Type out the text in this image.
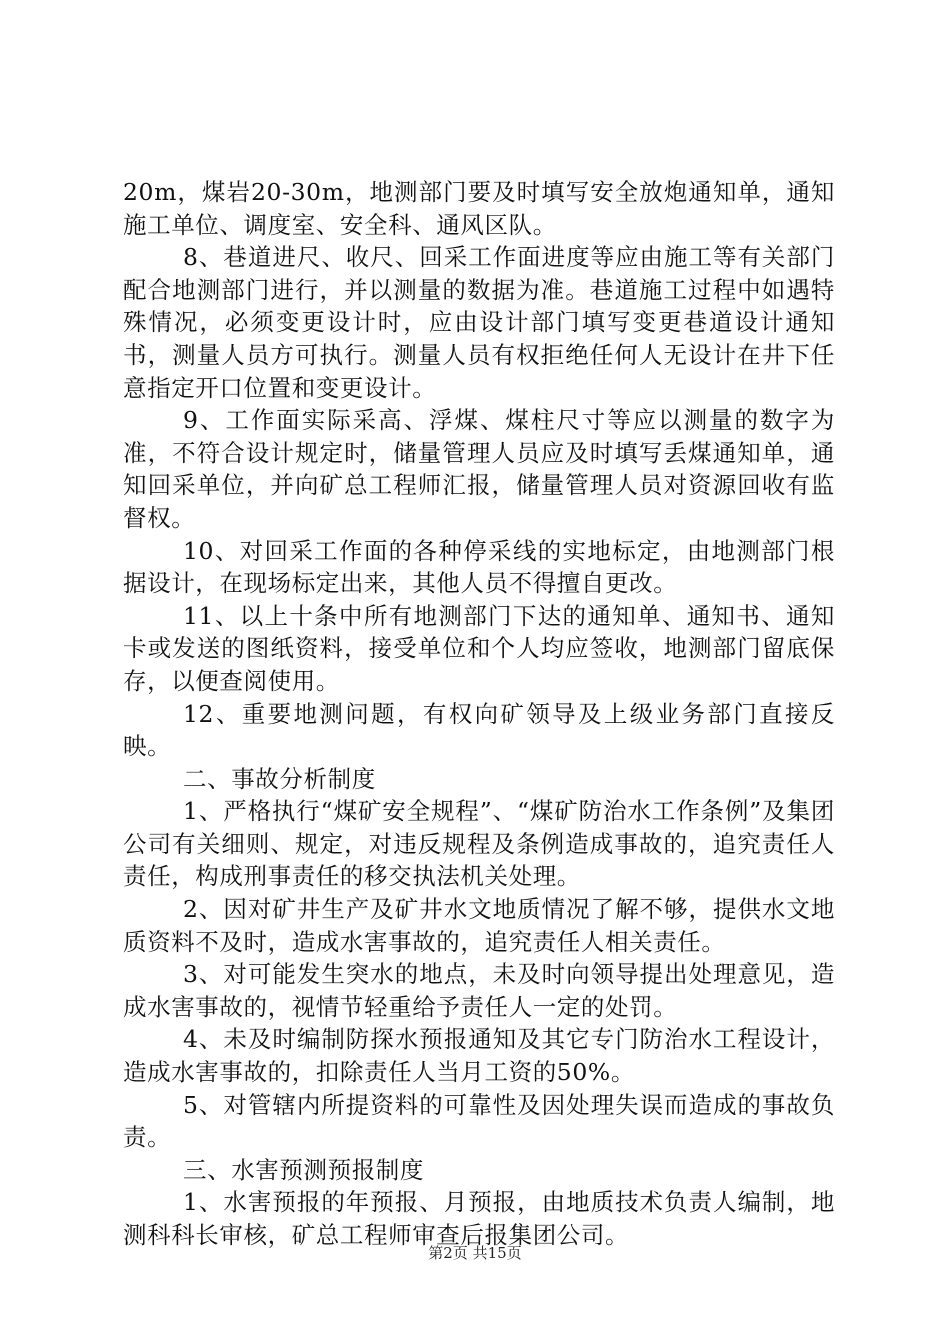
20m，煤岩20-30m，地测部门要及时填写安全放炮通知单，通知施工单位、调度室、安全科、通风区队。

8、巷道进尺、收尺、回采工作面进度等应由施工等有关部门配合地测部门进行，并以测量的数据为准。巷道施工过程中如遇特殊情况，必须变更设计时，应由设计部门填写变更巷道设计通知书，测量人员方可执行。测量人员有权拒绝任何人无设计在井下任意指定开口位置和变更设计。

9、工作面实际采高、浮煤、煤柱尺寸等应以测量的数字为准，不符合设计规定时，储量管理人员应及时填写丢煤通知单，通知回采单位，并向矿总工程师汇报，储量管理人员对资源回收有监督权。

10、对回采工作面的各种停采线的实地标定，由地测部门根据设计，在现场标定出来，其他人员不得擅自更改。

11、以上十条中所有地测部门下达的通知单、通知书、通知卡或发送的图纸资料，接受单位和个人均应签收，地测部门留底保存，以便查阅使用。

12、重要地测问题，有权向矿领导及上级业务部门直接反映。

二、事故分析制度

1、严格执行“煤矿安全规程”、“煤矿防治水工作条例”及集团公司有关细则、规定，对违反规程及条例造成事故的，追究责任人责任，构成刑事责任的移交执法机关处理。

2、因对矿井生产及矿井水文地质情况了解不够，提供水文地质资料不及时，造成水害事故的，追究责任人相关责任。

3、对可能发生突水的地点，未及时向领导提出处理意见，造成水害事故的，视情节轻重给予责任人一定的处罚。

4、未及时编制防探水预报通知及其它专门防治水工程设计，造成水害事故的，扣除责任人当月工资的50%。

5、对管辖内所提资料的可靠性及因处理失误而造成的事故负责。

三、水害预测预报制度

1、水害预报的年预报、月预报，由地质技术负责人编制，地测科科长审核，矿总工程师审查后报集团公司。

第2页 共15页
